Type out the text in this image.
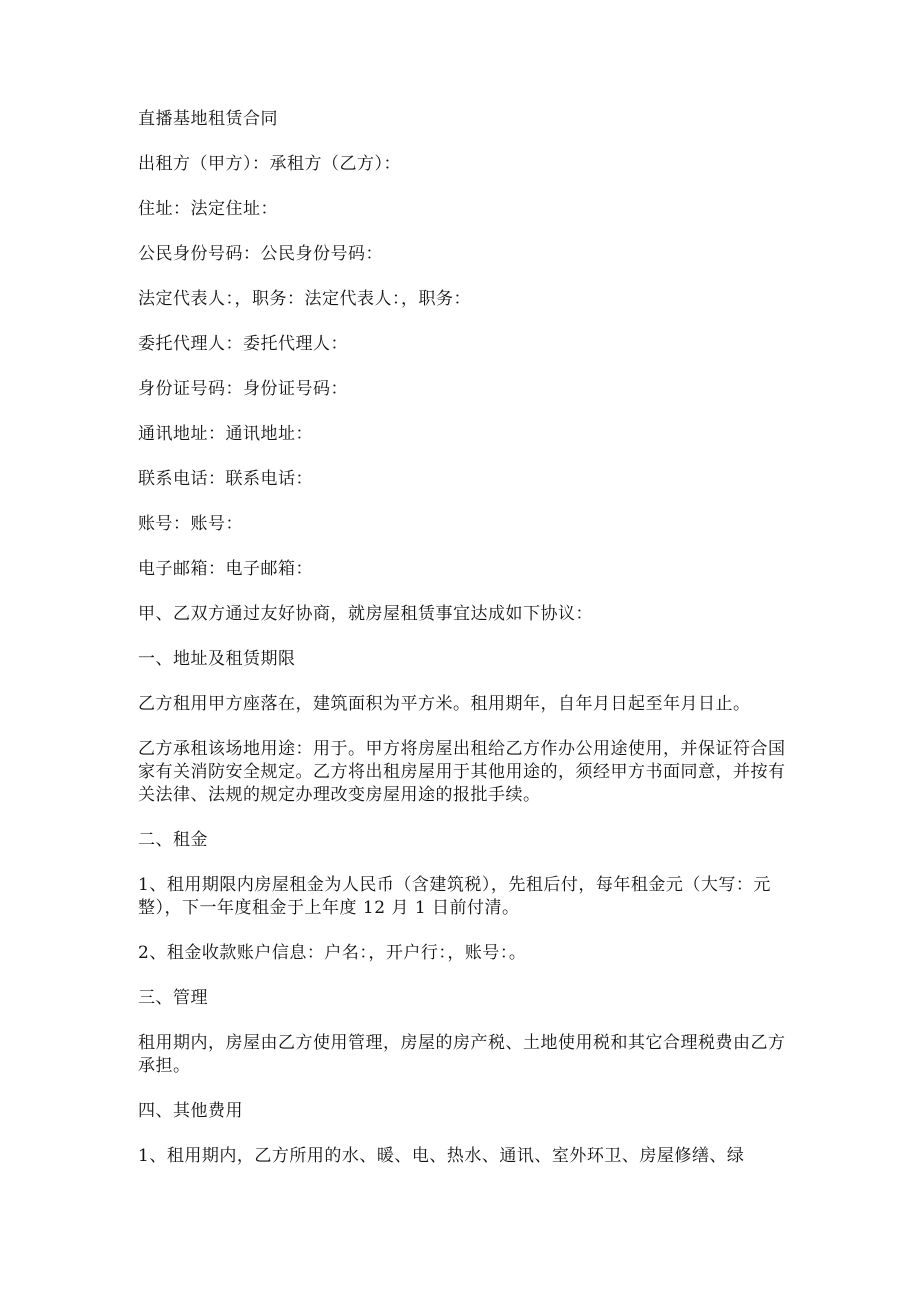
直播基地租赁合同

出租方（甲方）：承租方（乙方）：

住址：法定住址：

公民身份号码：公民身份号码：

法定代表人：，职务：法定代表人：，职务：

委托代理人：委托代理人：

身份证号码：身份证号码：

通讯地址：通讯地址：

联系电话：联系电话：

账号：账号：

电子邮箱：电子邮箱：

甲、乙双方通过友好协商，就房屋租赁事宜达成如下协议：

一、地址及租赁期限

乙方租用甲方座落在，建筑面积为平方米。租用期年，自年月日起至年月日止。

乙方承租该场地用途：用于。甲方将房屋出租给乙方作办公用途使用，并保证符合国家有关消防安全规定。乙方将出租房屋用于其他用途的，须经甲方书面同意，并按有关法律、法规的规定办理改变房屋用途的报批手续。

二、租金

1、租用期限内房屋租金为人民币（含建筑税），先租后付，每年租金元（大写：元整），下一年度租金于上年度 12 月 1 日前付清。

2、租金收款账户信息：户名：，开户行：，账号：。

三、管理

租用期内，房屋由乙方使用管理，房屋的房产税、土地使用税和其它合理税费由乙方承担。

四、其他费用

1、租用期内，乙方所用的水、暖、电、热水、通讯、室外环卫、房屋修缮、绿
